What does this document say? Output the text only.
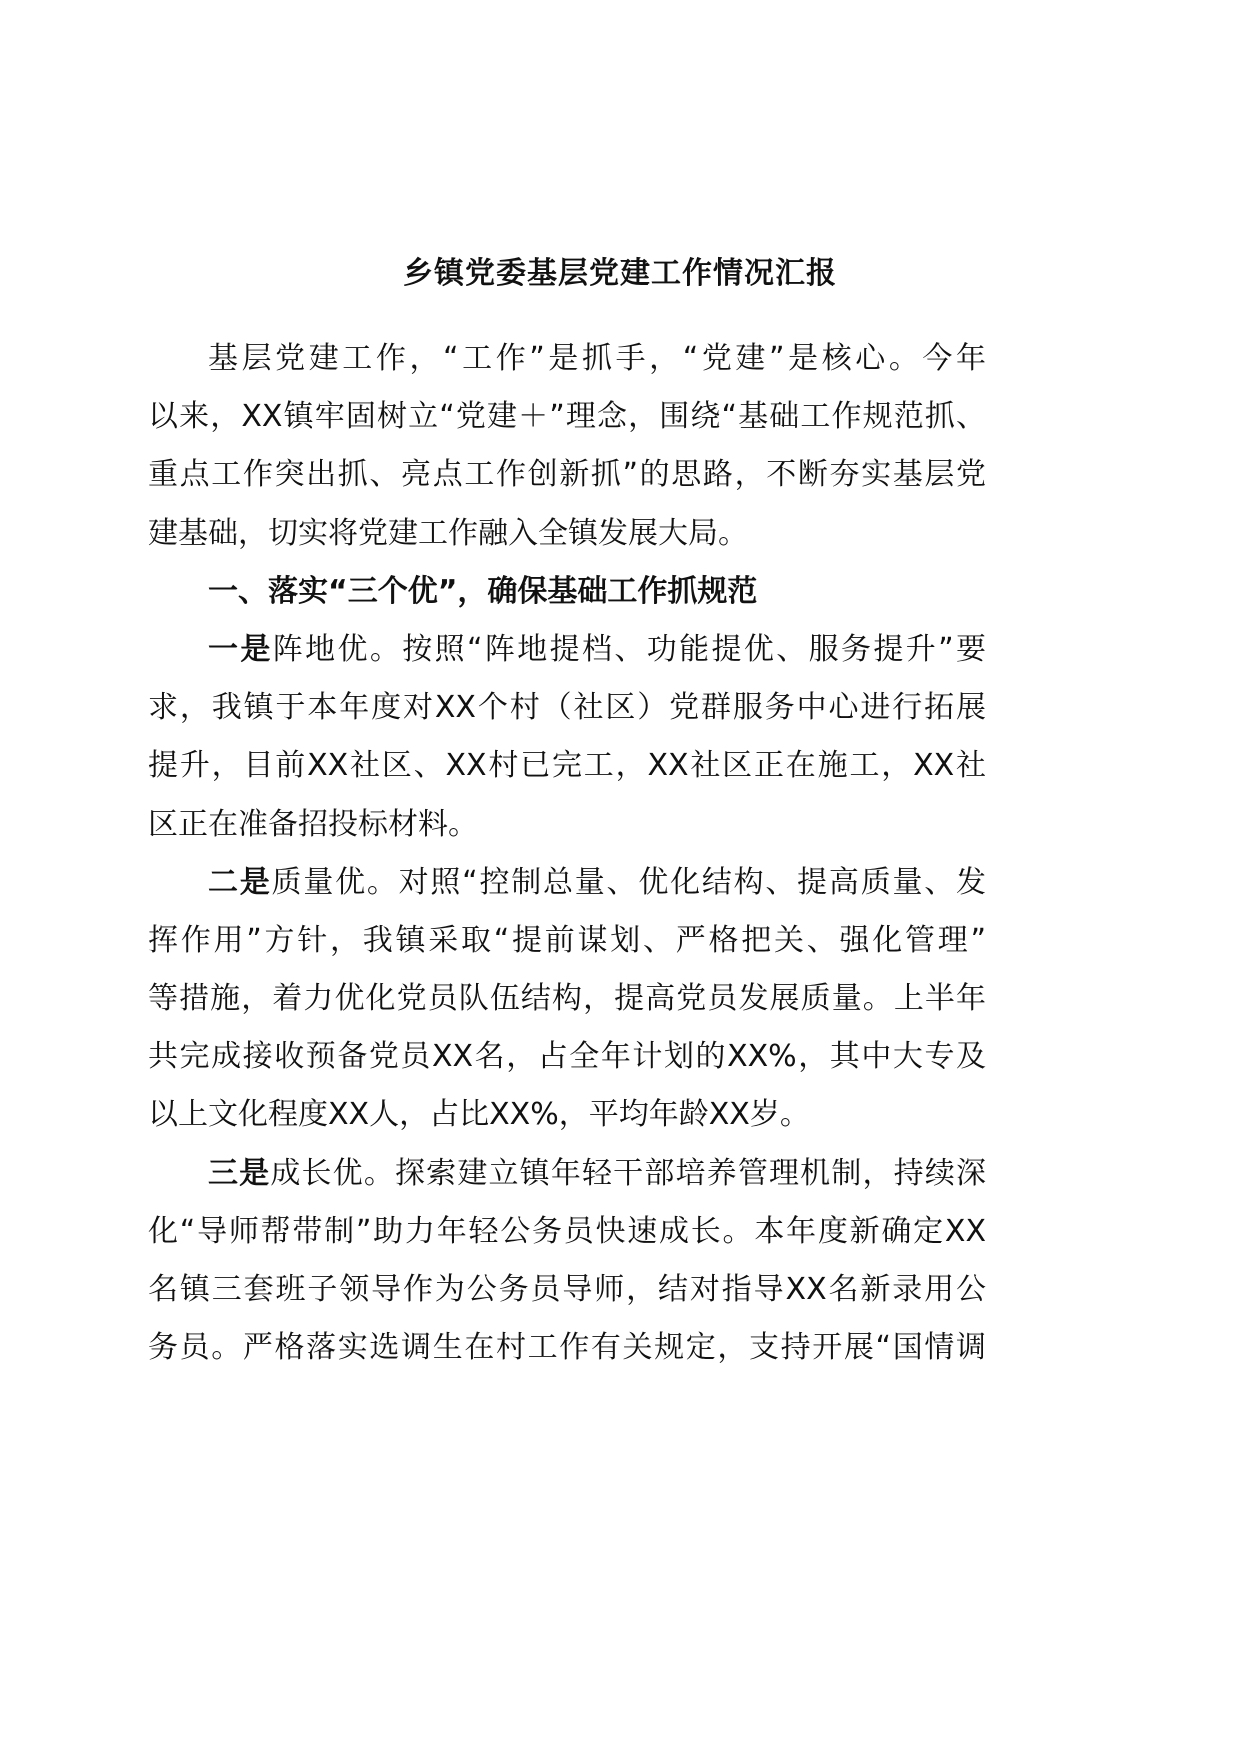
乡镇党委基层党建工作情况汇报
基层党建工作，“工作”是抓手，“党建”是核心。今年
以来，XX镇牢固树立“党建＋”理念，围绕“基础工作规范抓、
重点工作突出抓、亮点工作创新抓”的思路，不断夯实基层党
建基础，切实将党建工作融入全镇发展大局。
一、落实“三个优”，确保基础工作抓规范
一是阵地优。按照“阵地提档、功能提优、服务提升”要
求，我镇于本年度对XX个村（社区）党群服务中心进行拓展
提升，目前XX社区、XX村已完工，XX社区正在施工，XX社
区正在准备招投标材料。
二是质量优。对照“控制总量、优化结构、提高质量、发
挥作用”方针，我镇采取“提前谋划、严格把关、强化管理”
等措施，着力优化党员队伍结构，提高党员发展质量。上半年
共完成接收预备党员XX名，占全年计划的XX%，其中大专及
以上文化程度XX人，占比XX%，平均年龄XX岁。
三是成长优。探索建立镇年轻干部培养管理机制，持续深
化“导师帮带制”助力年轻公务员快速成长。本年度新确定XX
名镇三套班子领导作为公务员导师，结对指导XX名新录用公
务员。严格落实选调生在村工作有关规定，支持开展“国情调
